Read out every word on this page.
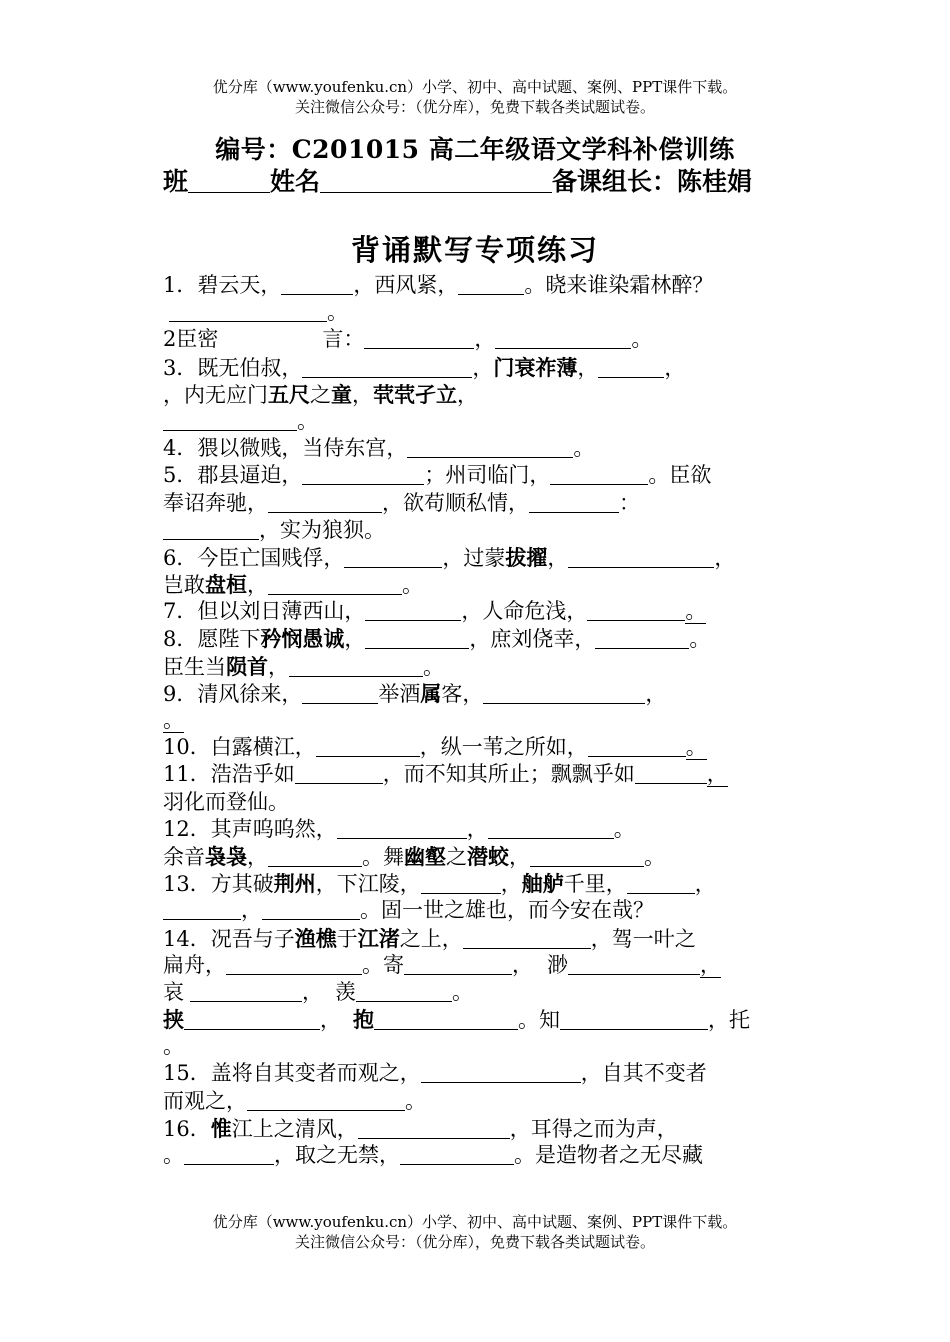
优分库（www.youfenku.cn）小学、初中、高中试题、案例、PPT课件下载。
关注微信公众号：（优分库），免费下载各类试题试卷。
编号：C201015 高二年级语文学科补偿训练
班	姓名	备课组长：陈桂娟
背诵默写专项练习
1．碧云天，	，西风紧，	。晓来谁染霜林醉？
。
2臣密	言：	，	。
3．既无伯叔，	，门衰祚薄，	，
，内无应门五尺之童，茕茕孑立，
。
4．猥以微贱，当侍东宫，	。
5．郡县逼迫，	；州司临门，	。臣欲
奉诏奔驰，	，欲苟顺私情，	：
，实为狼狈。
6．今臣亡国贱俘，	，过蒙拔擢，	，
岂敢盘桓，	。
7．但以刘日薄西山，	，人命危浅，	。
8．愿陛下矜悯愚诚，	，庶刘侥幸，	。
臣生当陨首，	。
9．清风徐来，	举酒属客，	，
。
10．白露横江，	，纵一苇之所如，	。
11．浩浩乎如	，而不知其所止；飘飘乎如	，
羽化而登仙。
12．其声呜呜然，	，	。
余音袅袅，	。舞幽壑之潜蛟，	。
13．方其破荆州，下江陵，	，舳舻千里，	，
，	。固一世之雄也，而今安在哉？
14．况吾与子渔樵于江渚之上，	，驾一叶之
扁舟，	。寄	， 渺	，
哀	， 羡	。
挟	， 抱	。知	，托
。
15．盖将自其变者而观之，	，自其不变者
而观之，	。
16．惟江上之清风，	，耳得之而为声，
。	，取之无禁，	。是造物者之无尽藏
优分库（www.youfenku.cn）小学、初中、高中试题、案例、PPT课件下载。
关注微信公众号：（优分库），免费下载各类试题试卷。
